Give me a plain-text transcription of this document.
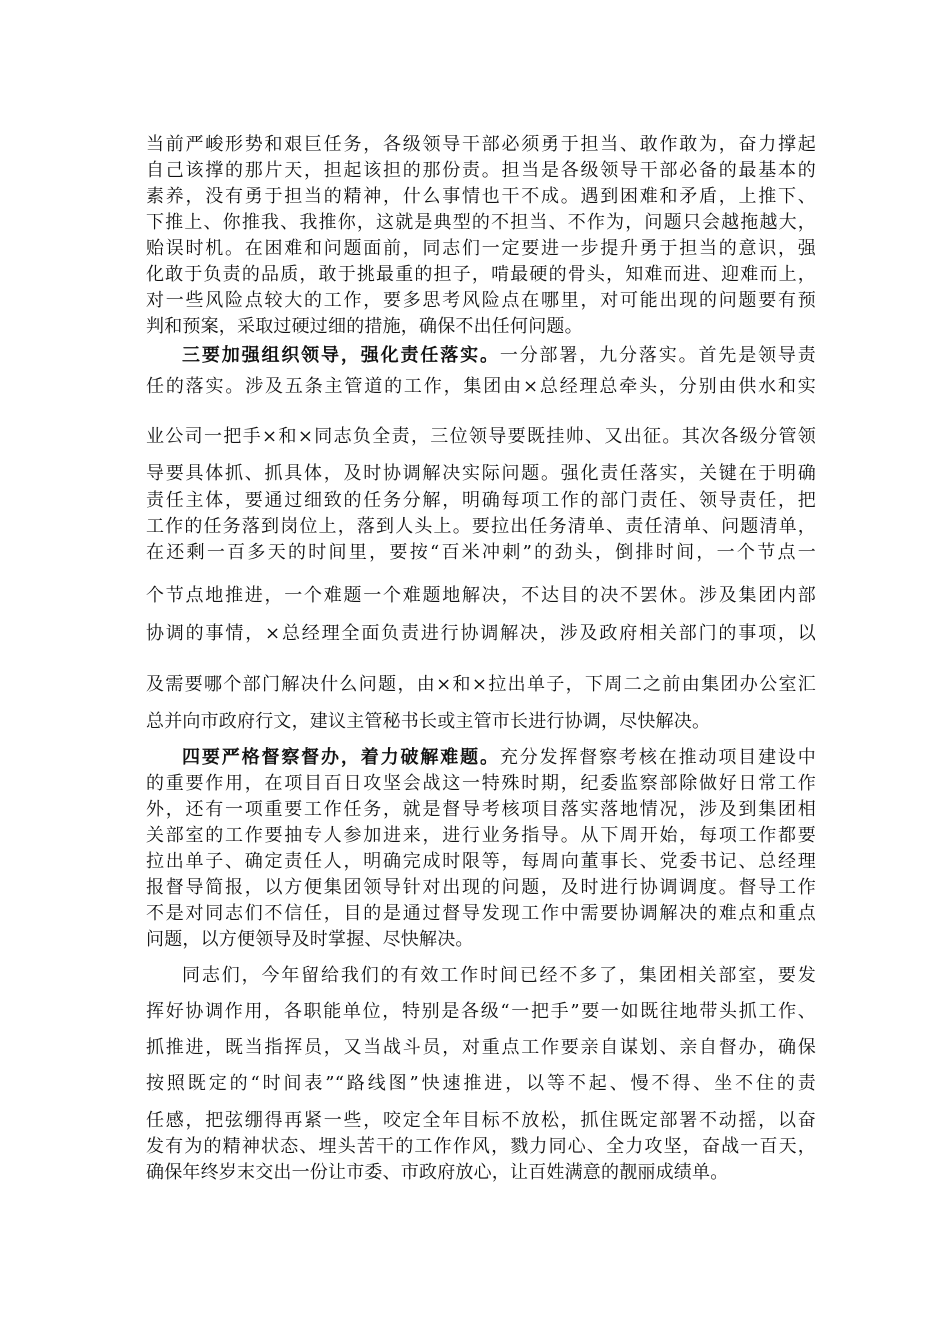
当前严峻形势和艰巨任务，各级领导干部必须勇于担当、敢作敢为，奋力撑起
自己该撑的那片天，担起该担的那份责。担当是各级领导干部必备的最基本的
素养，没有勇于担当的精神，什么事情也干不成。遇到困难和矛盾，上推下、
下推上、你推我、我推你，这就是典型的不担当、不作为，问题只会越拖越大，
贻误时机。在困难和问题面前，同志们一定要进一步提升勇于担当的意识，强
化敢于负责的品质，敢于挑最重的担子，啃最硬的骨头，知难而进、迎难而上，
对一些风险点较大的工作，要多思考风险点在哪里，对可能出现的问题要有预
判和预案，采取过硬过细的措施，确保不出任何问题。
三要加强组织领导，强化责任落实。一分部署，九分落实。首先是领导责
任的落实。涉及五条主管道的工作，集团由×总经理总牵头，分别由供水和实
业公司一把手×和×同志负全责，三位领导要既挂帅、又出征。其次各级分管领
导要具体抓、抓具体，及时协调解决实际问题。强化责任落实，关键在于明确
责任主体，要通过细致的任务分解，明确每项工作的部门责任、领导责任，把
工作的任务落到岗位上，落到人头上。要拉出任务清单、责任清单、问题清单，
在还剩一百多天的时间里，要按“百米冲刺”的劲头，倒排时间，一个节点一
个节点地推进，一个难题一个难题地解决，不达目的决不罢休。涉及集团内部
协调的事情，×总经理全面负责进行协调解决，涉及政府相关部门的事项，以
及需要哪个部门解决什么问题，由×和×拉出单子，下周二之前由集团办公室汇
总并向市政府行文，建议主管秘书长或主管市长进行协调，尽快解决。
四要严格督察督办，着力破解难题。充分发挥督察考核在推动项目建设中
的重要作用，在项目百日攻坚会战这一特殊时期，纪委监察部除做好日常工作
外，还有一项重要工作任务，就是督导考核项目落实落地情况，涉及到集团相
关部室的工作要抽专人参加进来，进行业务指导。从下周开始，每项工作都要
拉出单子、确定责任人，明确完成时限等，每周向董事长、党委书记、总经理
报督导简报，以方便集团领导针对出现的问题，及时进行协调调度。督导工作
不是对同志们不信任，目的是通过督导发现工作中需要协调解决的难点和重点
问题，以方便领导及时掌握、尽快解决。
同志们，今年留给我们的有效工作时间已经不多了，集团相关部室，要发
挥好协调作用，各职能单位，特别是各级“一把手”要一如既往地带头抓工作、
抓推进，既当指挥员，又当战斗员，对重点工作要亲自谋划、亲自督办，确保
按照既定的“时间表”“路线图”快速推进，以等不起、慢不得、坐不住的责
任感，把弦绷得再紧一些，咬定全年目标不放松，抓住既定部署不动摇，以奋
发有为的精神状态、埋头苦干的工作作风，戮力同心、全力攻坚，奋战一百天，
确保年终岁末交出一份让市委、市政府放心，让百姓满意的靓丽成绩单。
